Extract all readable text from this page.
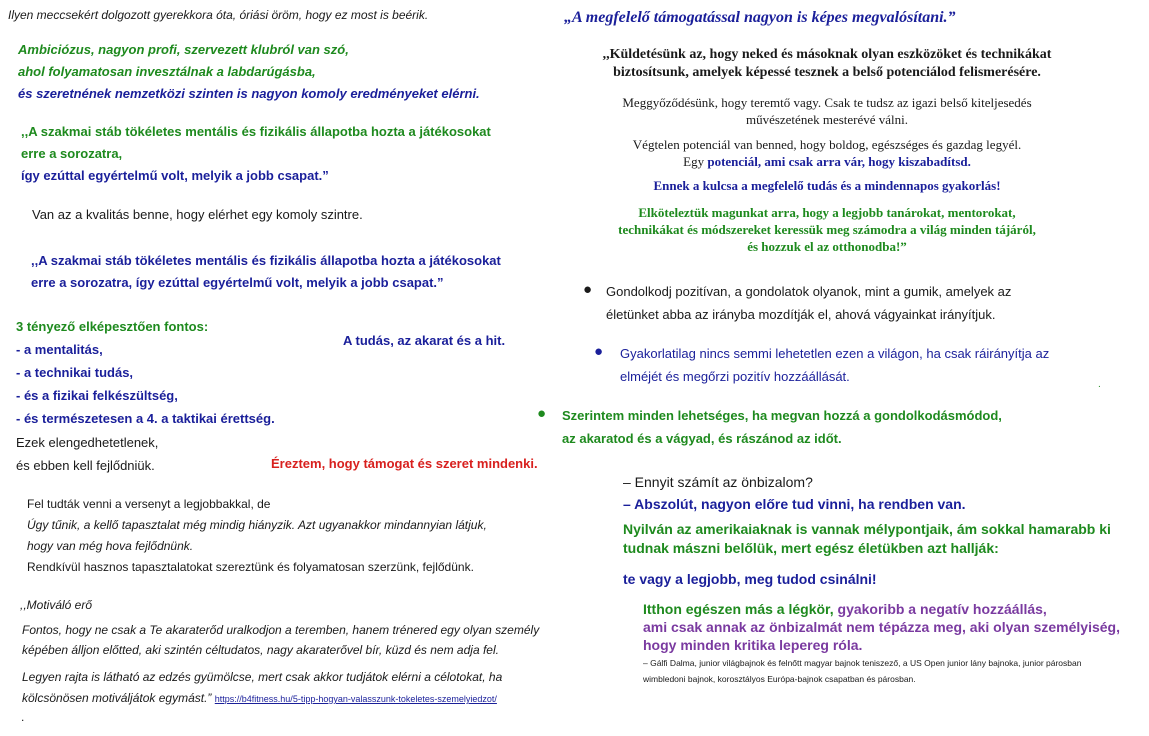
Ilyen meccsekért dolgozott gyerekkora óta, óriási öröm, hogy ez most is beérik.
Ambiciózus, nagyon profi, szervezett klubról van szó,
ahol folyamatosan invesztálnak a labdarúgásba,
és szeretnének nemzetközi szinten is nagyon komoly eredményeket elérni.
,,A szakmai stáb tökéletes mentális és fizikális állapotba hozta a játékosokat
erre a sorozatra,
így ezúttal egyértelmű volt, melyik a jobb csapat.”
Van az a kvalitás benne, hogy elérhet egy komoly szintre.
,,A szakmai stáb tökéletes mentális és fizikális állapotba hozta a játékosokat
erre a sorozatra, így ezúttal egyértelmű volt, melyik a jobb csapat.”
3 tényező elképesztően fontos:
- a mentalitás,
- a technikai tudás,
- és a fizikai felkészültség,
- és természetesen a 4. a taktikai érettség.
Ezek elengedhetetlenek,
és ebben kell fejlődniük.
A tudás, az akarat és a hit.
Éreztem, hogy támogat és szeret mindenki.
Fel tudták venni a versenyt a legjobbakkal, de
Úgy tűnik, a kellő tapasztalat még mindig hiányzik. Azt ugyanakkor mindannyian látjuk,
hogy van még hova fejlődnünk.
Rendkívül hasznos tapasztalatokat szereztünk és folyamatosan szerzünk, fejlődünk.
,,Motiváló erő
Fontos, hogy ne csak a Te akaraterőd uralkodjon a teremben, hanem trénered egy olyan személy
képében álljon előtted, aki szintén céltudatos, nagy akaraterővel bír, küzd és nem adja fel.
Legyen rajta is látható az edzés gyümölcse, mert csak akkor tudjátok elérni a célotokat, ha
kölcsönösen motiváljátok egymást.” https://b4fitness.hu/5-tipp-hogyan-valasszunk-tokeletes-szemelyiedzot/
.
„A megfelelő támogatással nagyon is képes megvalósítani.”
,,Küldetésünk az, hogy neked és másoknak olyan eszközöket és technikákat
biztosítsunk, amelyek képessé tesznek a belső potenciálod felismerésére.
Meggyőződésünk, hogy teremtő vagy. Csak te tudsz az igazi belső kiteljesedés
művészetének mesterévé válni.
Végtelen potenciál van benned, hogy boldog, egészséges és gazdag legyél.
Egy potenciál, ami csak arra vár, hogy kiszabadítsd.
Ennek a kulcsa a megfelelő tudás és a mindennapos gyakorlás!
Elköteleztük magunkat arra, hogy a legjobb tanárokat, mentorokat,
technikákat és módszereket keressük meg számodra a világ minden tájáról,
és hozzuk el az otthonodba!”
● Gondolkodj pozitívan, a gondolatok olyanok, mint a gumik, amelyek az
életünket abba az irányba mozdítják el, ahová vágyainkat irányítjuk.
● Gyakorlatilag nincs semmi lehetetlen ezen a világon, ha csak ráirányítja az
elméjét és megőrzi pozitív hozzáállását.
.
● Szerintem minden lehetséges, ha megvan hozzá a gondolkodásmódod,
az akaratod és a vágyad, és rászánod az időt.
– Ennyit számít az önbizalom?
– Abszolút, nagyon előre tud vinni, ha rendben van.
Nyilván az amerikaiaknak is vannak mélypontjaik, ám sokkal hamarabb ki
tudnak mászni belőlük, mert egész életükben azt hallják:
te vagy a legjobb, meg tudod csinálni!
Itthon egészen más a légkör, gyakoribb a negatív hozzáállás,
ami csak annak az önbizalmát nem tépázza meg, aki olyan személyiség,
hogy minden kritika lepereg róla.
– Gálfi Dalma, junior világbajnok és felnőtt magyar bajnok teniszező, a US Open junior lány bajnoka, junior párosban
wimbledoni bajnok, korosztályos Európa-bajnok csapatban és párosban.
